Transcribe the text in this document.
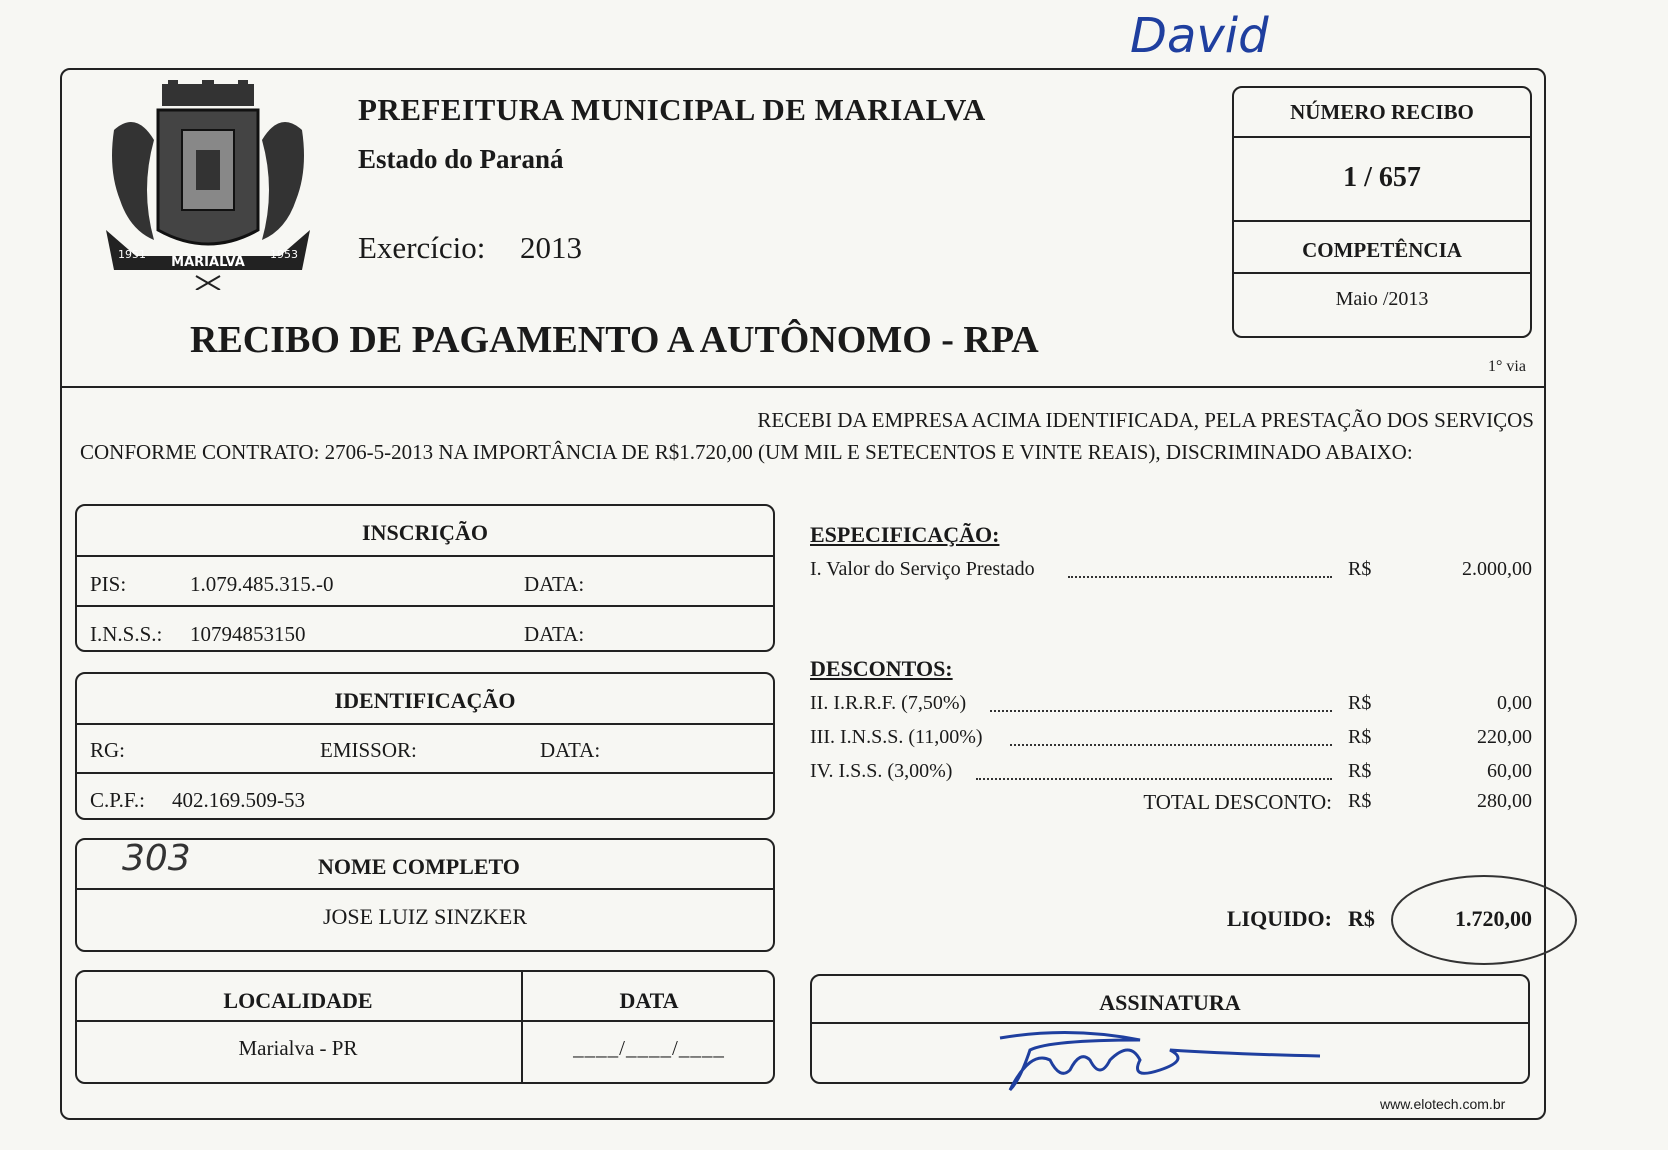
David
MARIALVA
1951	1953
PREFEITURA MUNICIPAL DE MARIALVA
Estado do Paraná
Exercício: 2013
RECIBO DE PAGAMENTO A AUTÔNOMO - RPA
NÚMERO RECIBO
1 / 657
COMPETÊNCIA
Maio /2013
1° via
RECEBI DA EMPRESA ACIMA IDENTIFICADA, PELA PRESTAÇÃO DOS SERVIÇOS
CONFORME CONTRATO: 2706-5-2013 NA IMPORTÂNCIA DE R$1.720,00 (UM MIL E SETECENTOS E VINTE REAIS), DISCRIMINADO ABAIXO:
INSCRIÇÃO
PIS:	1.079.485.315.-0	DATA:
I.N.S.S.: 10794853150	DATA:
IDENTIFICAÇÃO
RG:	EMISSOR:	DATA:
C.P.F.: 402.169.509-53
303	NOME COMPLETO
JOSE LUIZ SINZKER
LOCALIDADE	DATA
Marialva - PR	____/____/____
ESPECIFICAÇÃO:
I. Valor do Serviço Prestado	R$	2.000,00
DESCONTOS:
II. I.R.R.F. (7,50%)	R$	0,00
III. I.N.S.S. (11,00%)	R$	220,00
IV. I.S.S. (3,00%)	R$	60,00
TOTAL DESCONTO: R$	280,00
LIQUIDO: R$	1.720,00
ASSINATURA
www.elotech.com.br
